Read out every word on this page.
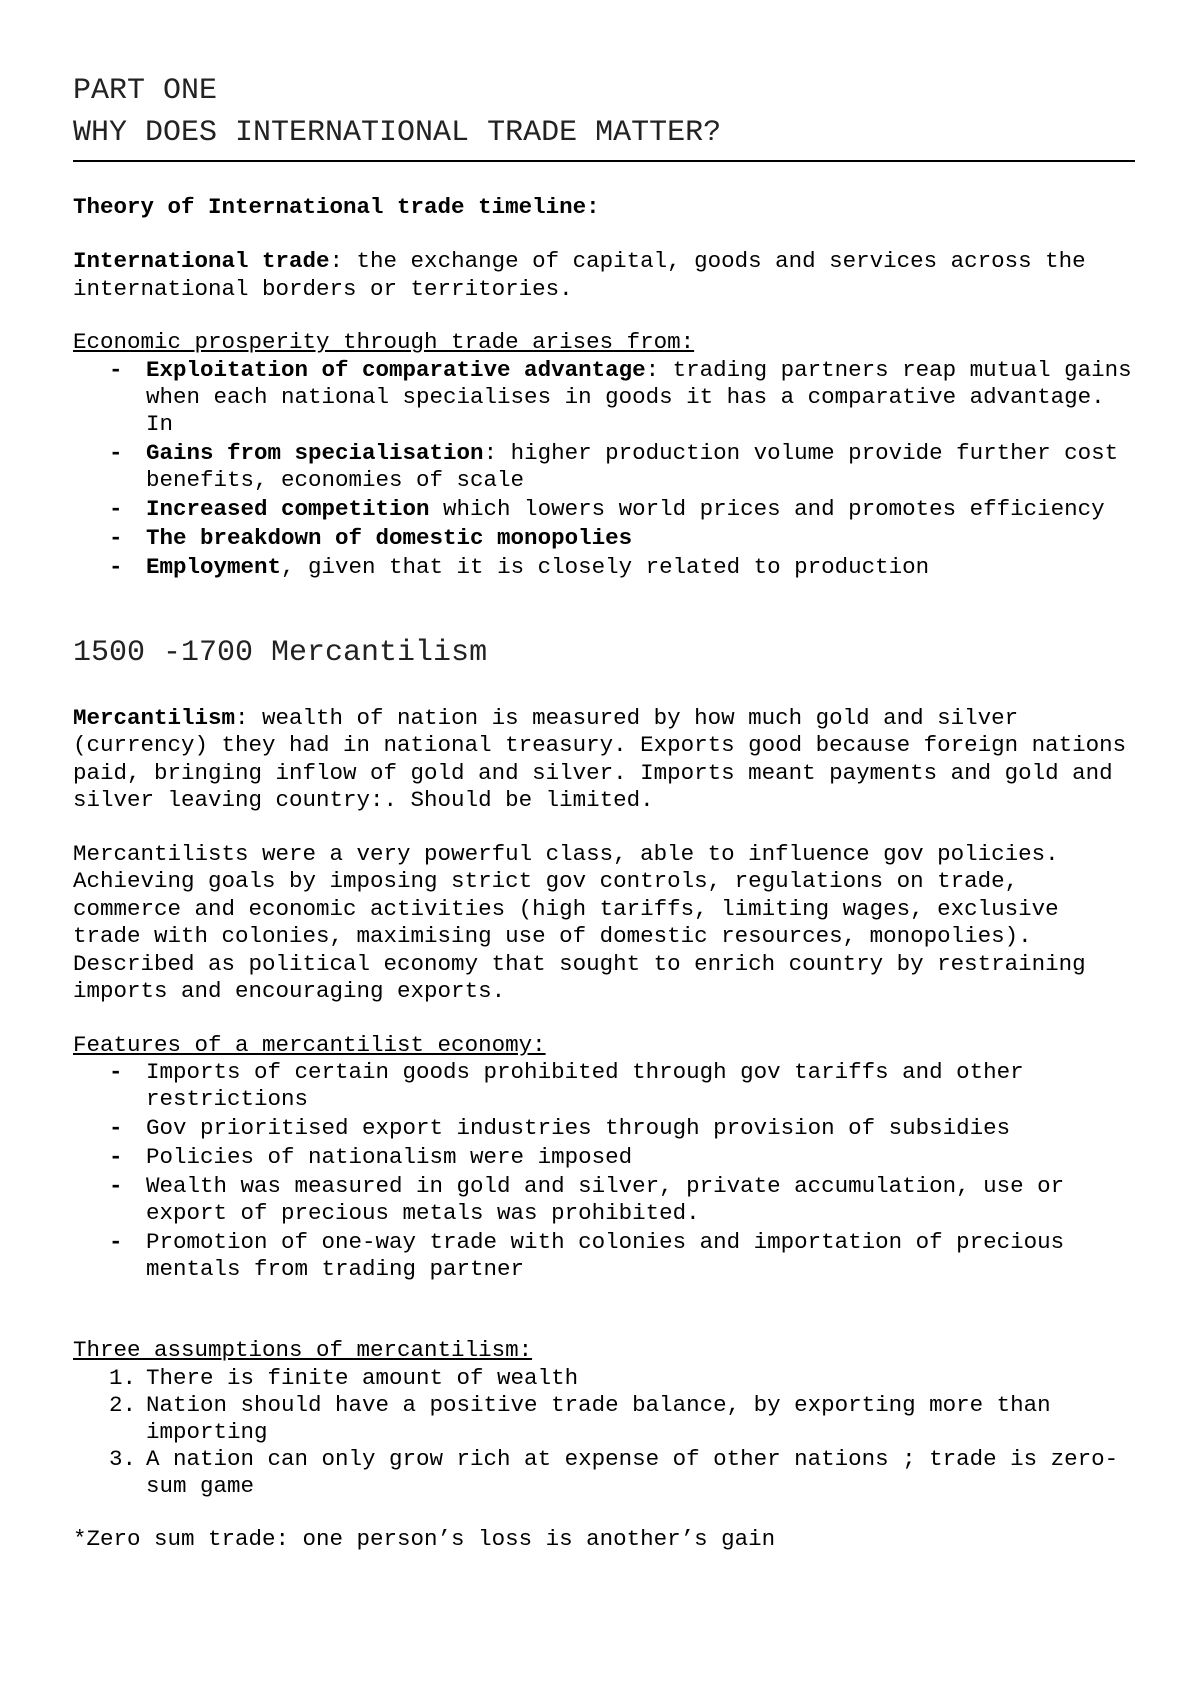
PART ONE
WHY DOES INTERNATIONAL TRADE MATTER?
Theory of International trade timeline:
International trade: the exchange of capital, goods and services across the international borders or territories.
Economic prosperity through trade arises from:
- Exploitation of comparative advantage: trading partners reap mutual gains when each national specialises in goods it has a comparative advantage. In
- Gains from specialisation: higher production volume provide further cost benefits, economies of scale
- Increased competition which lowers world prices and promotes efficiency
- The breakdown of domestic monopolies
- Employment, given that it is closely related to production
1500 -1700 Mercantilism
Mercantilism: wealth of nation is measured by how much gold and silver (currency) they had in national treasury. Exports good because foreign nations paid, bringing inflow of gold and silver. Imports meant payments and gold and silver leaving country:. Should be limited.
Mercantilists were a very powerful class, able to influence gov policies. Achieving goals by imposing strict gov controls, regulations on trade, commerce and economic activities (high tariffs, limiting wages, exclusive trade with colonies, maximising use of domestic resources, monopolies). Described as political economy that sought to enrich country by restraining imports and encouraging exports.
Features of a mercantilist economy:
- Imports of certain goods prohibited through gov tariffs and other restrictions
- Gov prioritised export industries through provision of subsidies
- Policies of nationalism were imposed
- Wealth was measured in gold and silver, private accumulation, use or export of precious metals was prohibited.
- Promotion of one-way trade with colonies and importation of precious mentals from trading partner
Three assumptions of mercantilism:
1. There is finite amount of wealth
2. Nation should have a positive trade balance, by exporting more than importing
3. A nation can only grow rich at expense of other nations ; trade is zero-sum game
*Zero sum trade: one person’s loss is another’s gain
